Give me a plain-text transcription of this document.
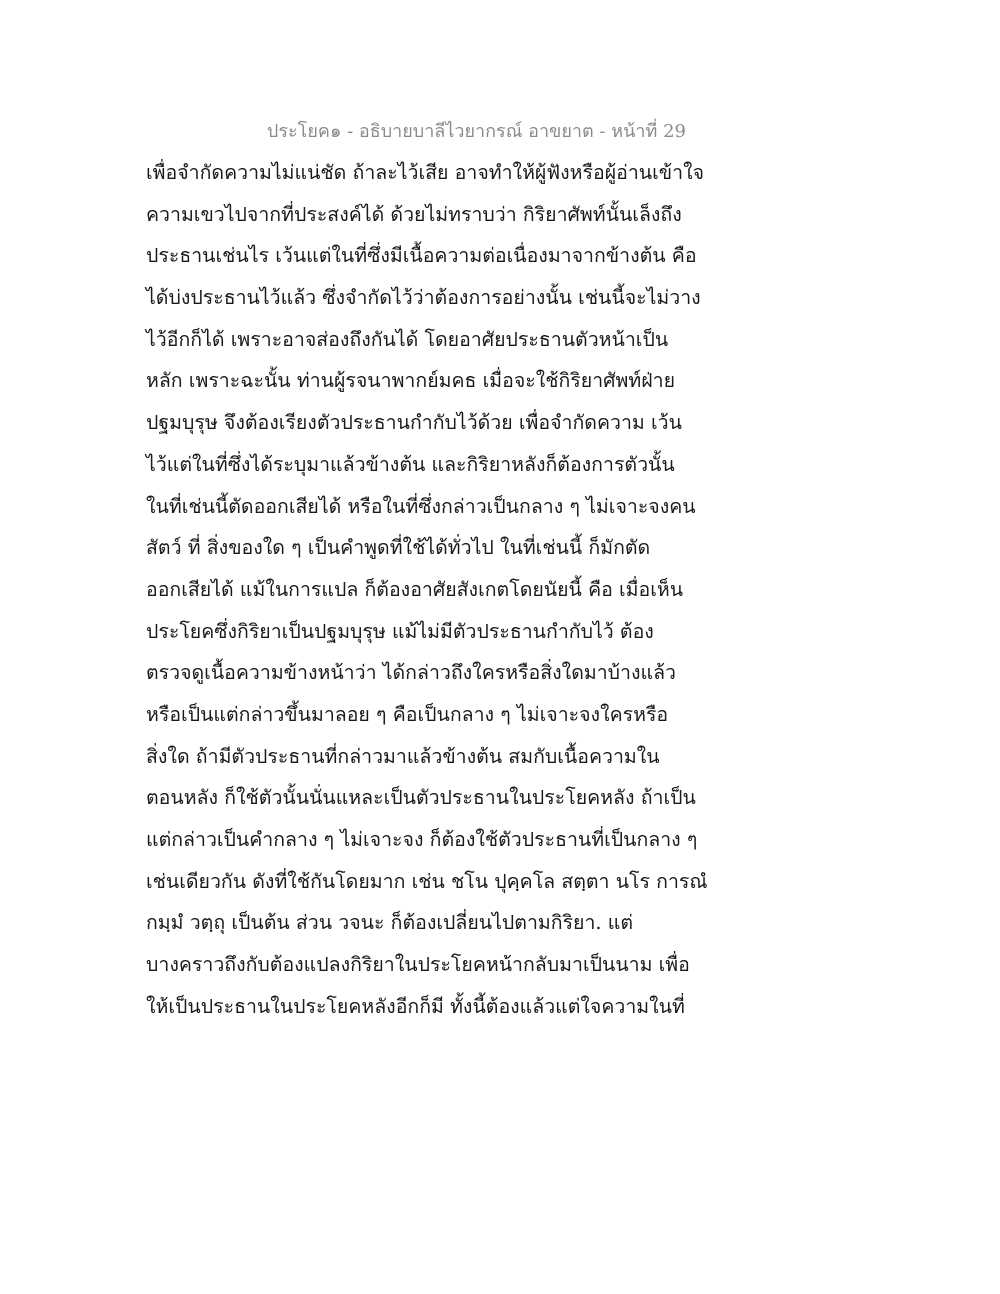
ประโยค๑ - อธิบายบาลีไวยากรณ์ อาขยาต - หน้าที่ 29
เพื่อจำกัดความไม่แน่ชัด ถ้าละไว้เสีย อาจทำให้ผู้ฟังหรือผู้อ่านเข้าใจ
ความเขวไปจากที่ประสงค์ได้ ด้วยไม่ทราบว่า กิริยาศัพท์นั้นเล็งถึง
ประธานเช่นไร เว้นแต่ในที่ซึ่งมีเนื้อความต่อเนื่องมาจากข้างต้น คือ
ได้บ่งประธานไว้แล้ว ซึ่งจำกัดไว้ว่าต้องการอย่างนั้น เช่นนี้จะไม่วาง
ไว้อีกก็ได้ เพราะอาจส่องถึงกันได้ โดยอาศัยประธานตัวหน้าเป็น
หลัก เพราะฉะนั้น ท่านผู้รจนาพากย์มคธ เมื่อจะใช้กิริยาศัพท์ฝ่าย
ปฐมบุรุษ จึงต้องเรียงตัวประธานกำกับไว้ด้วย เพื่อจำกัดความ เว้น
ไว้แต่ในที่ซึ่งได้ระบุมาแล้วข้างต้น และกิริยาหลังก็ต้องการตัวนั้น
ในที่เช่นนี้ตัดออกเสียได้ หรือในที่ซึ่งกล่าวเป็นกลาง ๆ ไม่เจาะจงคน
สัตว์ ที่ สิ่งของใด ๆ เป็นคำพูดที่ใช้ได้ทั่วไป ในที่เช่นนี้ ก็มักตัด
ออกเสียได้ แม้ในการแปล ก็ต้องอาศัยสังเกตโดยนัยนี้ คือ เมื่อเห็น
ประโยคซึ่งกิริยาเป็นปฐมบุรุษ แม้ไม่มีตัวประธานกำกับไว้ ต้อง
ตรวจดูเนื้อความข้างหน้าว่า ได้กล่าวถึงใครหรือสิ่งใดมาบ้างแล้ว
หรือเป็นแต่กล่าวขึ้นมาลอย ๆ คือเป็นกลาง ๆ ไม่เจาะจงใครหรือ
สิ่งใด ถ้ามีตัวประธานที่กล่าวมาแล้วข้างต้น สมกับเนื้อความใน
ตอนหลัง ก็ใช้ตัวนั้นนั่นแหละเป็นตัวประธานในประโยคหลัง ถ้าเป็น
แต่กล่าวเป็นคำกลาง ๆ ไม่เจาะจง ก็ต้องใช้ตัวประธานที่เป็นกลาง ๆ
เช่นเดียวกัน ดังที่ใช้กันโดยมาก เช่น ชโน ปุคฺคโล สตฺตา นโร การณํ
กมฺมํ วตฺถุ เป็นต้น ส่วน วจนะ ก็ต้องเปลี่ยนไปตามกิริยา. แต่
บางคราวถึงกับต้องแปลงกิริยาในประโยคหน้ากลับมาเป็นนาม เพื่อ
ให้เป็นประธานในประโยคหลังอีกก็มี ทั้งนี้ต้องแล้วแต่ใจความในที่
